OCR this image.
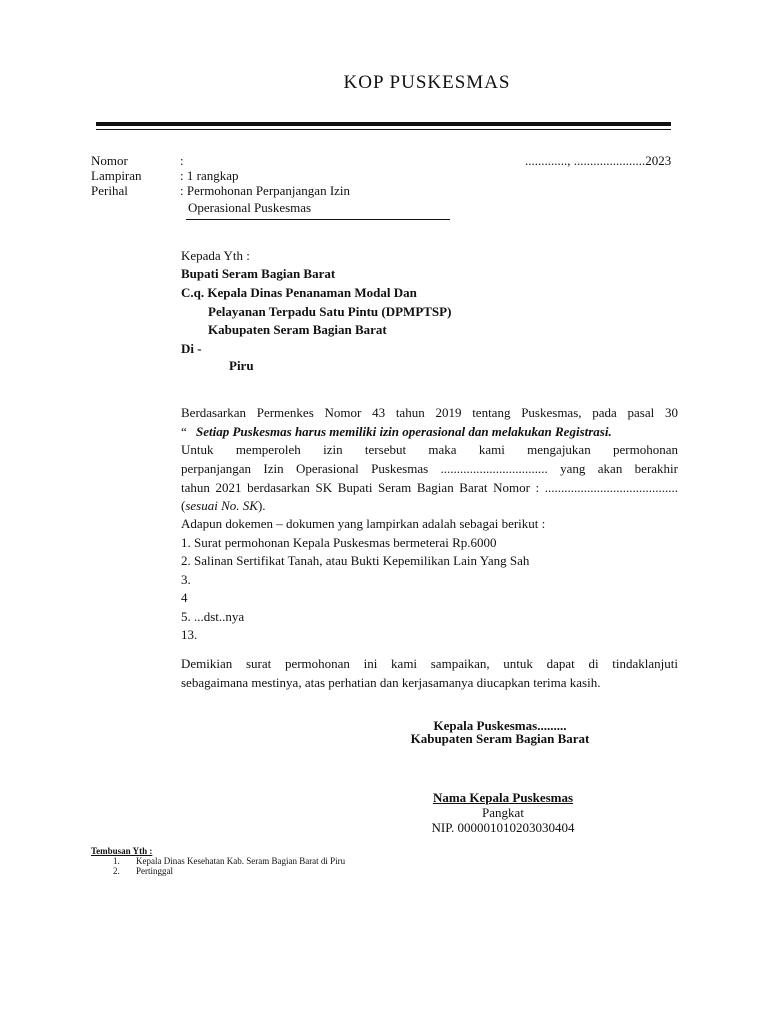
KOP PUSKESMAS
Nomor	:	............., ......................2023
Lampiran	: 1 rangkap
Perihal	: Permohonan Perpanjangan Izin
Operasional Puskesmas
Kepada Yth :
Bupati Seram Bagian Barat
C.q. Kepala Dinas Penanaman Modal Dan
Pelayanan Terpadu Satu Pintu (DPMPTSP)
Kabupaten Seram Bagian Barat
Di -
Piru
Berdasarkan Permenkes Nomor 43 tahun 2019 tentang Puskesmas, pada pasal 30
“ Setiap Puskesmas harus memiliki izin operasional dan melakukan Registrasi.
Untuk memperoleh izin tersebut maka kami mengajukan permohonan
perpanjangan Izin Operasional Puskesmas ................................. yang akan berakhir
tahun 2021 berdasarkan SK Bupati Seram Bagian Barat Nomor : .........................................
(sesuai No. SK).
Adapun dokemen – dokumen yang lampirkan adalah sebagai berikut :
1. Surat permohonan Kepala Puskesmas bermeterai Rp.6000
2. Salinan Sertifikat Tanah, atau Bukti Kepemilikan Lain Yang Sah
3.
4
5. ...dst..nya
13.
Demikian surat permohonan ini kami sampaikan, untuk dapat di tindaklanjuti
sebagaimana mestinya, atas perhatian dan kerjasamanya diucapkan terima kasih.
Kepala Puskesmas.........
Kabupaten Seram Bagian Barat
Nama Kepala Puskesmas
Pangkat
NIP. 000001010203030404
Tembusan Yth :
1. Kepala Dinas Kesehatan Kab. Seram Bagian Barat di Piru
2. Pertinggal
